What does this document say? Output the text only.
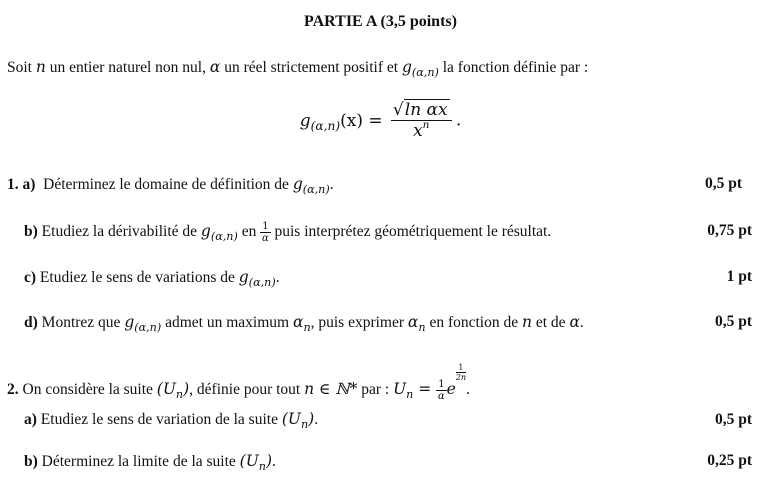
PARTIE A (3,5 points)
Soit n un entier naturel non nul, α un réel strictement positif et $g_{(\alpha,n)}$ la fonction définie par :
$g_{(\alpha,n)}(x) = \frac{\text{√ln αx}}{x^n}$ .
1. a) Déterminez le domaine de définition de $g_{(\alpha,n)}$.	0,5 pt
b) Etudiez la dérivabilité de $g_{(\alpha,n)}$ en $\frac{1}{\alpha}$ puis interprétez géométriquement le résultat.	0,75 pt
c) Etudiez le sens de variations de $g_{(\alpha,n)}$.	1 pt
d) Montrez que $g_{(\alpha,n)}$ admet un maximum $\alpha_n$, puis exprimer $\alpha_n$ en fonction de n et de α.	0,5 pt
2. On considère la suite $(U_n)$, définie pour tout n ∈ ℕ* par : $U_n = \frac{1}{\alpha}$ e
$\frac{1}{2n}$
.
a) Etudiez le sens de variation de la suite $(U_n)$.	0,5 pt
b) Déterminez la limite de la suite $(U_n)$.	0,25 pt
